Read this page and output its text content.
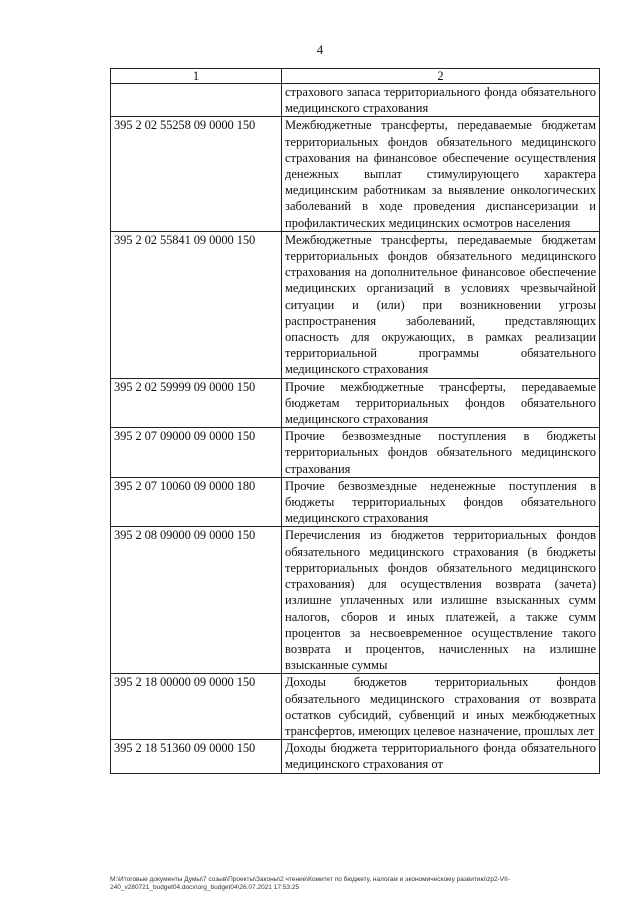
4
1	2
	страхового запаса территориального фонда обязательного медицинского страхования
395 2 02 55258 09 0000 150	Межбюджетные трансферты, передаваемые бюджетам территориальных фондов обязательного медицинского страхования на финансовое обеспечение осуществления денежных выплат стимулирующего характера медицинским работникам за выявление онкологических заболеваний в ходе проведения диспансеризации и профилактических медицинских осмотров населения
395 2 02 55841 09 0000 150	Межбюджетные трансферты, передаваемые бюджетам территориальных фондов обязательного медицинского страхования на дополнительное финансовое обеспечение медицинских организаций в условиях чрезвычайной ситуации и (или) при возникновении угрозы распространения заболеваний, представляющих опасность для окружающих, в рамках реализации территориальной программы обязательного медицинского страхования
395 2 02 59999 09 0000 150	Прочие межбюджетные трансферты, передаваемые бюджетам территориальных фондов обязательного медицинского страхования
395 2 07 09000 09 0000 150	Прочие безвозмездные поступления в бюджеты территориальных фондов обязательного медицинского страхования
395 2 07 10060 09 0000 180	Прочие безвозмездные неденежные поступления в бюджеты территориальных фондов обязательного медицинского страхования
395 2 08 09000 09 0000 150	Перечисления из бюджетов территориальных фондов обязательного медицинского страхования (в бюджеты территориальных фондов обязательного медицинского страхования) для осуществления возврата (зачета) излишне уплаченных или излишне взысканных сумм налогов, сборов и иных платежей, а также сумм процентов за несвоевременное осуществление такого возврата и процентов, начисленных на излишне взысканные суммы
395 2 18 00000 09 0000 150	Доходы бюджетов территориальных фондов обязательного медицинского страхования от возврата остатков субсидий, субвенций и иных межбюджетных трансфертов, имеющих целевое назначение, прошлых лет
395 2 18 51360 09 0000 150	Доходы бюджета территориального фонда обязательного медицинского страхования от
M:\Итоговые документы Думы\7 созыв\Проекты\Законы\2 чтение\Комитет по бюджету, налогам и экономическому развитию\zp2-VII-
240_v280721_budget04.docx\org_budget04\26.07.2021 17:53:25
